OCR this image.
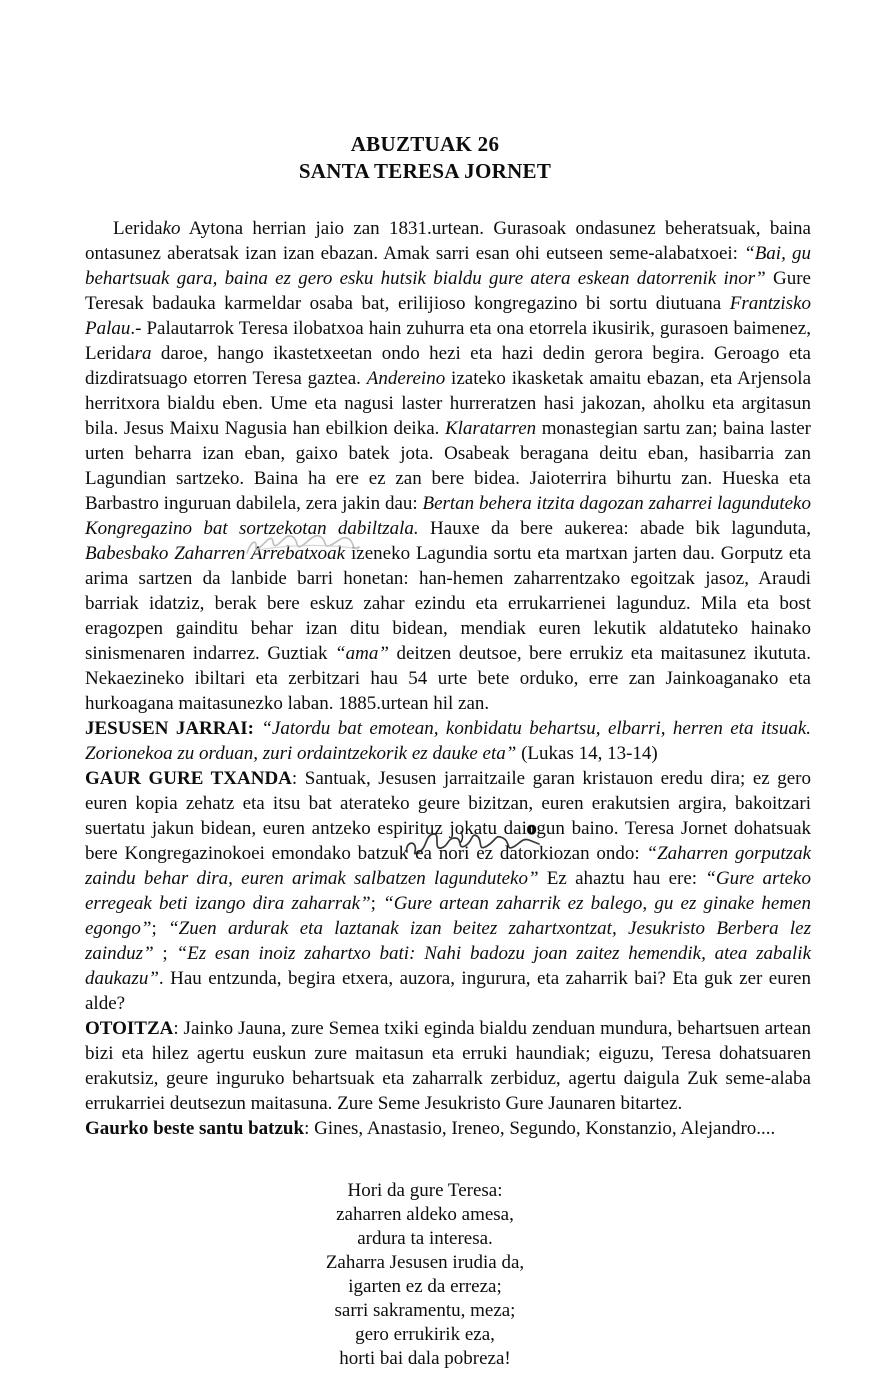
ABUZTUAK 26
SANTA TERESA JORNET

Leridako Aytona herrian jaio zan 1831.urtean. Gurasoak ondasunez beheratsuak, baina ontasunez aberatsak izan izan ebazan. Amak sarri esan ohi eutseen seme-alabatxoei: “Bai, gu behartsuak gara, baina ez gero esku hutsik bialdu gure atera eskean datorrenik inor” Gure Teresak badauka karmeldar osaba bat, erilijioso kongregazino bi sortu diutuana Frantzisko Palau.- Palautarrok Teresa ilobatxoa hain zuhurra eta ona etorrela ikusirik, gurasoen baimenez, Leridara daroe, hango ikastetxeetan ondo hezi eta hazi dedin gerora begira. Geroago eta dizdiratsuago etorren Teresa gaztea. Andereino izateko ikasketak amaitu ebazan, eta Arjensola herritxora bialdu eben. Ume eta nagusi laster hurreratzen hasi jakozan, aholku eta argitasun bila. Jesus Maixu Nagusia han ebilkion deika. Klaratarren monastegian sartu zan; baina laster urten beharra izan eban, gaixo batek jota. Osabeak beragana deitu eban, hasibarria zan Lagundian sartzeko. Baina ha ere ez zan bere bidea. Jaioterrira bihurtu zan. Hueska eta Barbastro inguruan dabilela, zera jakin dau: Bertan behera itzita dagozan zaharrei lagunduteko Kongregazino bat sortzekotan dabiltzala. Hauxe da bere aukerea: abade bik lagunduta, Babesbako Zaharren Arrebatxoak
izeneko Lagundia sortu eta martxan jarten dau. Gorputz eta arima sartzen da lanbide barri honetan: han-hemen zaharrentzako egoitzak jasoz, Araudi barriak idatziz, berak bere eskuz zahar ezindu eta errukarrienei lagunduz. Mila eta bost eragozpen gainditu behar izan ditu bidean, mendiak euren lekutik aldatuteko hainako sinismenaren indarrez. Guztiak “ama” deitzen deutsoe, bere errukiz eta maitasunez ikututa. Nekaezineko ibiltari eta zerbitzari hau 54 urte bete orduko, erre zan Jainkoaganako eta hurkoagana maitasunezko laban. 1885.urtean hil zan.

JESUSEN JARRAI: “Jatordu bat emotean, konbidatu behartsu, elbarri, herren eta itsuak. Zorionekoa zu orduan, zuri ordaintzekorik ez dauke eta” (Lukas 14, 13-14)

GAUR GURE TXANDA: Santuak, Jesusen jarraitzaile garan kristauon eredu dira; ez gero euren kopia zehatz eta itsu bat aterateko geure bizitzan, euren erakutsien argira, bakoitzari suertatu jakun bidean, euren antzeko espirituz jokatu daiogun baino. Teresa Jornet dohatsuak bere Kongregazinokoei emondako batzuk ea nori ez
datorkiozan ondo: “Zaharren gorputzak zaindu behar dira, euren arimak salbatzen lagunduteko” Ez ahaztu hau ere: “Gure arteko erregeak beti izango dira zaharrak”; “Gure artean zaharrik ez balego, gu ez ginake hemen egongo”; “Zuen ardurak eta laztanak izan beitez zahartxontzat, Jesukristo Berbera lez zainduz” ; “Ez esan inoiz zahartxo bati: Nahi badozu joan zaitez hemendik, atea zabalik daukazu”. Hau entzunda, begira etxera, auzora, ingurura, eta zaharrik bai? Eta guk zer euren alde?

OTOITZA: Jainko Jauna, zure Semea txiki eginda bialdu zenduan mundura, behartsuen artean bizi eta hilez agertu euskun zure maitasun eta erruki haundiak; eiguzu, Teresa dohatsuaren erakutsiz, geure inguruko behartsuak eta zaharralk zerbiduz, agertu daigula Zuk seme-alaba errukarriei deutsezun maitasuna. Zure Seme Jesukristo Gure Jaunaren bitartez.

Gaurko beste santu batzuk: Gines, Anastasio, Ireneo, Segundo, Konstanzio, Alejandro....

Hori da gure Teresa:
zaharren aldeko amesa,
ardura ta interesa.
Zaharra Jesusen irudia da,
igarten ez da erreza;
sarri sakramentu, meza;
gero errukirik eza,
horti bai dala pobreza!
